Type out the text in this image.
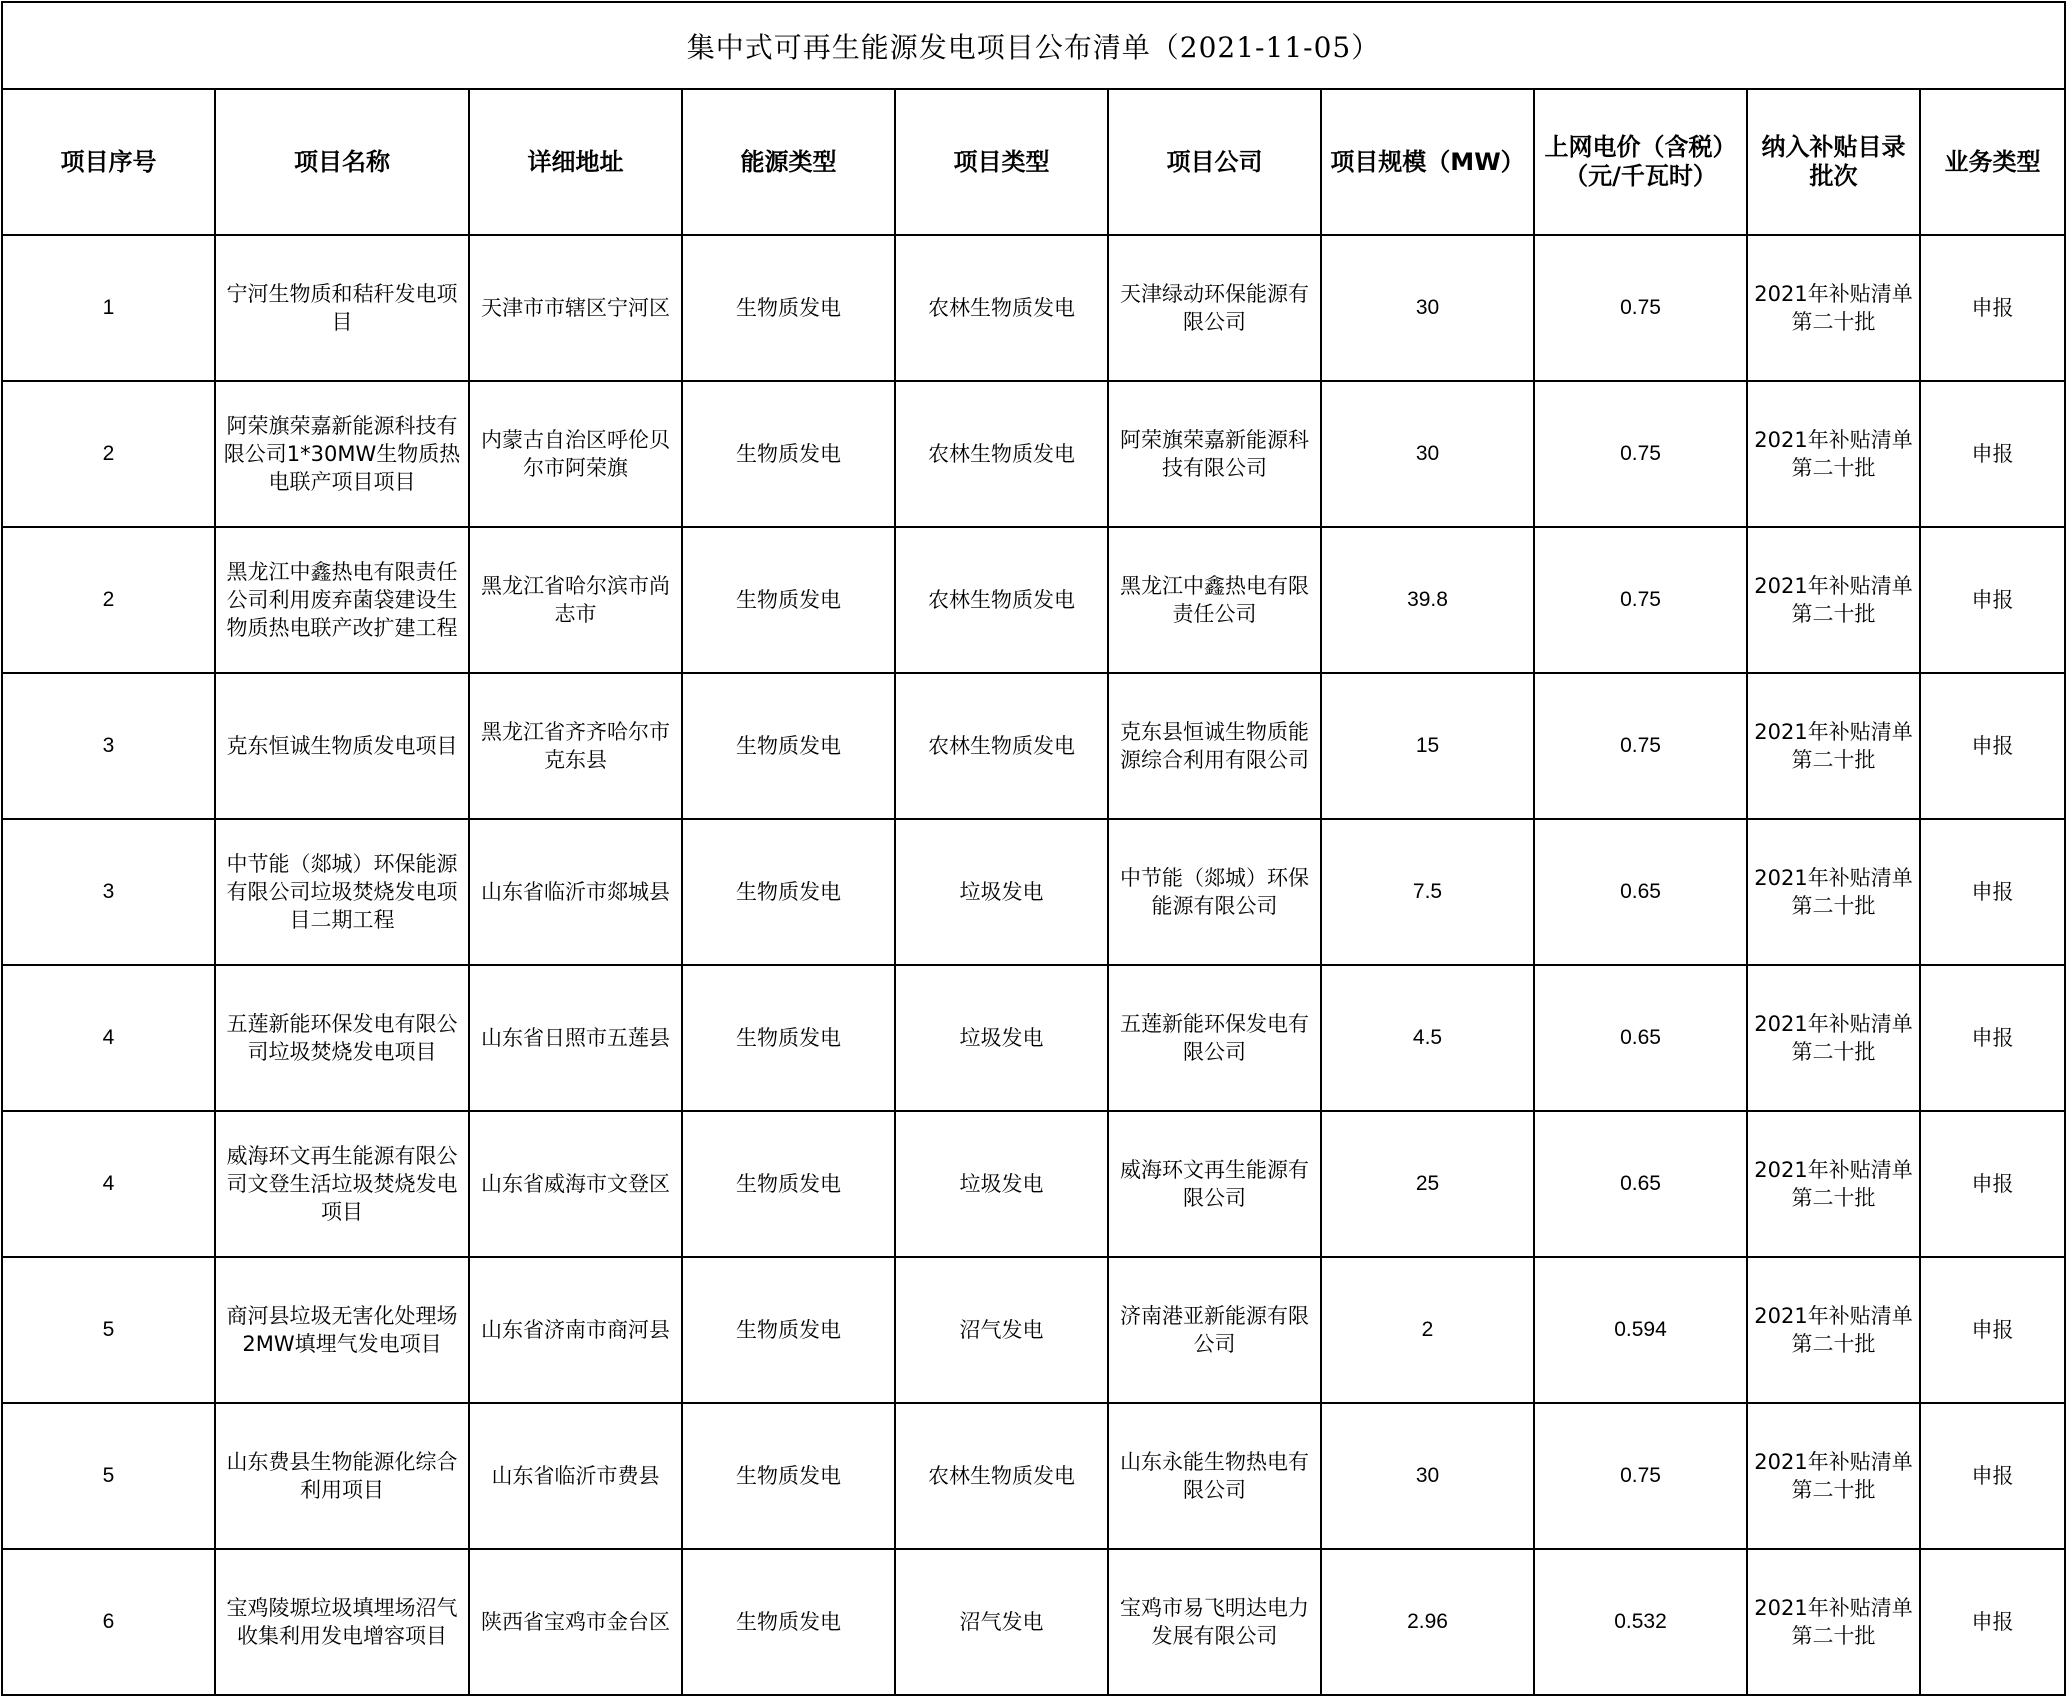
集中式可再生能源发电项目公布清单（2021-11-05）									
项目序号	项目名称	详细地址	能源类型	项目类型	项目公司	项目规模（MW）	上网电价（含税）（元/千瓦时）	纳入补贴目录批次	业务类型
1	宁河生物质和秸秆发电项目	天津市市辖区宁河区	生物质发电	农林生物质发电	天津绿动环保能源有限公司	30	0.75	2021年补贴清单第二十批	申报
2	阿荣旗荣嘉新能源科技有限公司1*30MW生物质热电联产项目项目	内蒙古自治区呼伦贝尔市阿荣旗	生物质发电	农林生物质发电	阿荣旗荣嘉新能源科技有限公司	30	0.75	2021年补贴清单第二十批	申报
2	黑龙江中鑫热电有限责任公司利用废弃菌袋建设生物质热电联产改扩建工程	黑龙江省哈尔滨市尚志市	生物质发电	农林生物质发电	黑龙江中鑫热电有限责任公司	39.8	0.75	2021年补贴清单第二十批	申报
3	克东恒诚生物质发电项目	黑龙江省齐齐哈尔市克东县	生物质发电	农林生物质发电	克东县恒诚生物质能源综合利用有限公司	15	0.75	2021年补贴清单第二十批	申报
3	中节能（郯城）环保能源有限公司垃圾焚烧发电项目二期工程	山东省临沂市郯城县	生物质发电	垃圾发电	中节能（郯城）环保能源有限公司	7.5	0.65	2021年补贴清单第二十批	申报
4	五莲新能环保发电有限公司垃圾焚烧发电项目	山东省日照市五莲县	生物质发电	垃圾发电	五莲新能环保发电有限公司	4.5	0.65	2021年补贴清单第二十批	申报
4	威海环文再生能源有限公司文登生活垃圾焚烧发电项目	山东省威海市文登区	生物质发电	垃圾发电	威海环文再生能源有限公司	25	0.65	2021年补贴清单第二十批	申报
5	商河县垃圾无害化处理场2MW填埋气发电项目	山东省济南市商河县	生物质发电	沼气发电	济南港亚新能源有限公司	2	0.594	2021年补贴清单第二十批	申报
5	山东费县生物能源化综合利用项目	山东省临沂市费县	生物质发电	农林生物质发电	山东永能生物热电有限公司	30	0.75	2021年补贴清单第二十批	申报
6	宝鸡陵塬垃圾填埋场沼气收集利用发电增容项目	陕西省宝鸡市金台区	生物质发电	沼气发电	宝鸡市易飞明达电力发展有限公司	2.96	0.532	2021年补贴清单第二十批	申报
